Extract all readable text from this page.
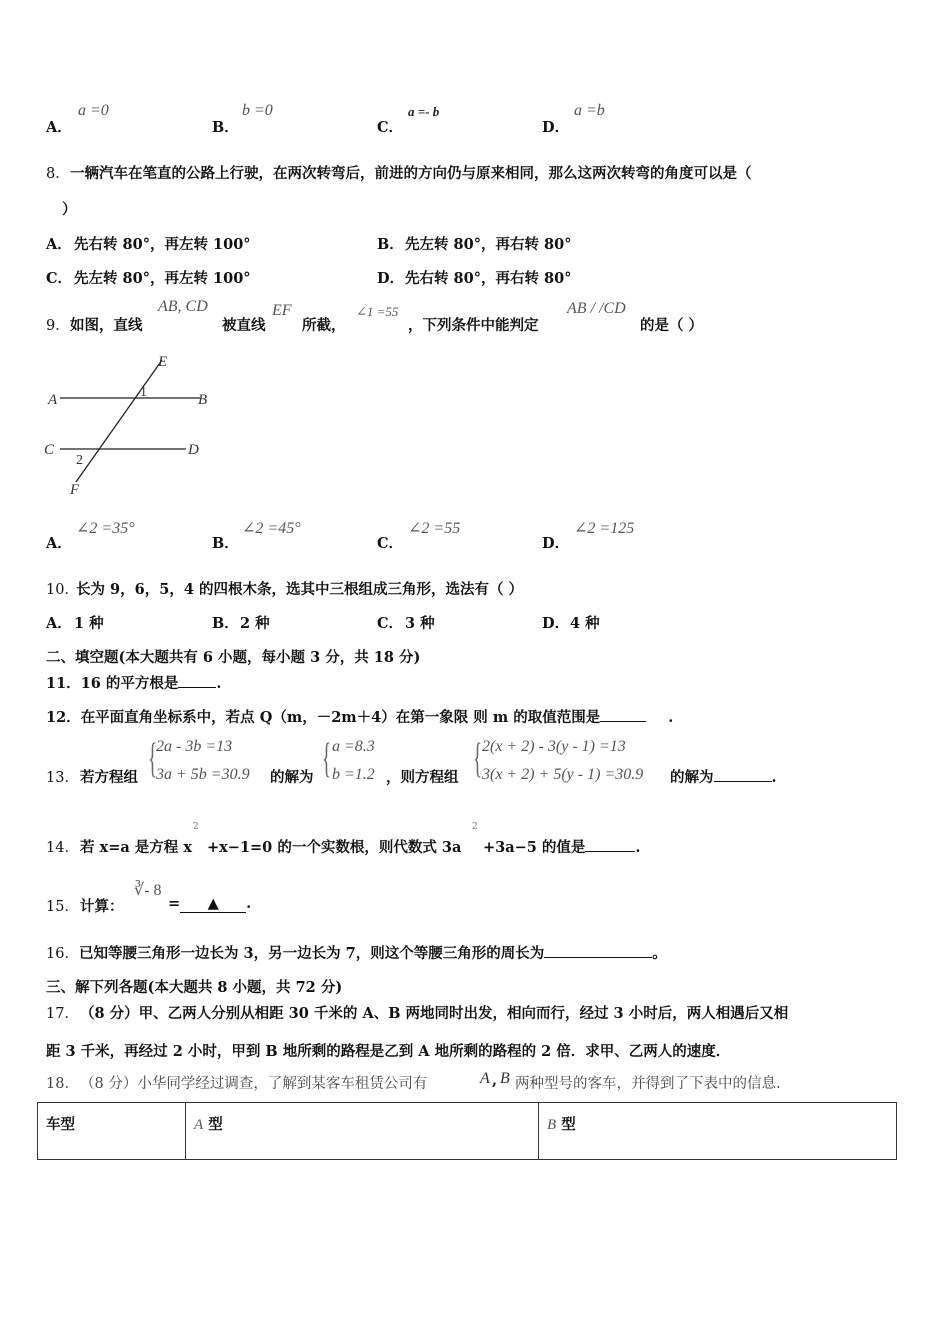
A．
a =0
B．
b =0
C．
a =- b
D．
a =b
8． 一辆汽车在笔直的公路上行驶，在两次转弯后，前进的方向仍与原来相同，那么这两次转弯的角度可以是（
）
A． 先右转 80°，再左转 100°	B． 先左转 80°，再右转 80°
C． 先左转 80°，再左转 100°	D． 先右转 80°，再右转 80°
9． 如图，直线
AB, CD
被直线
EF
所截，
∠1 =55
，下列条件中能判定
AB / /CD
的是（ ）
E
A	B
1
C	D
2
F
A．
∠2 =35°
B．
∠2 =45°
C．
∠2 =55
D．
∠2 =125
10．
长为 9，6，5，4 的四根木条，选其中三根组成三角形，选法有（ ）
A． 1 种	B． 2 种	C． 3 种	D． 4 种
二、填空题(本大题共有 6 小题，每小题 3 分，共 18 分)
11．16 的平方根是	.
12．在平面直角坐标系中，若点 Q（m，－2m＋4）在第一象限 则 m 的取值范围是	.
13． 若方程组 {
2a - 3b =13
3a + 5b =30.9 的解为 { a =8.3
b =1.2 ，则方程组 { 2(x + 2) - 3(y - 1) =13
3(x + 2) + 5(y - 1) =30.9 的解为	.
14． 若 x=a 是方程 x
2
+x−1=0 的一个实数根，则代数式 3a
2
+3a−5 的值是	.
15． 计算：
∛- 8
= ▲ .
16．已知等腰三角形一边长为 3，另一边长为 7，则这个等腰三角形的周长为	。
三、解下列各题(本大题共 8 小题，共 72 分)
17． （8 分）甲、乙两人分别从相距 30 千米的 A、B 两地同时出发，相向而行，经过 3 小时后，两人相遇后又相
距 3 千米，再经过 2 小时，甲到 B 地所剩的路程是乙到 A 地所剩的路程的 2 倍．求甲、乙两人的速度．
18． （8 分）小华同学经过调查，了解到某客车租赁公司有	A , B 两种型号的客车，并得到了下表中的信息.
车型	A 型	B 型
